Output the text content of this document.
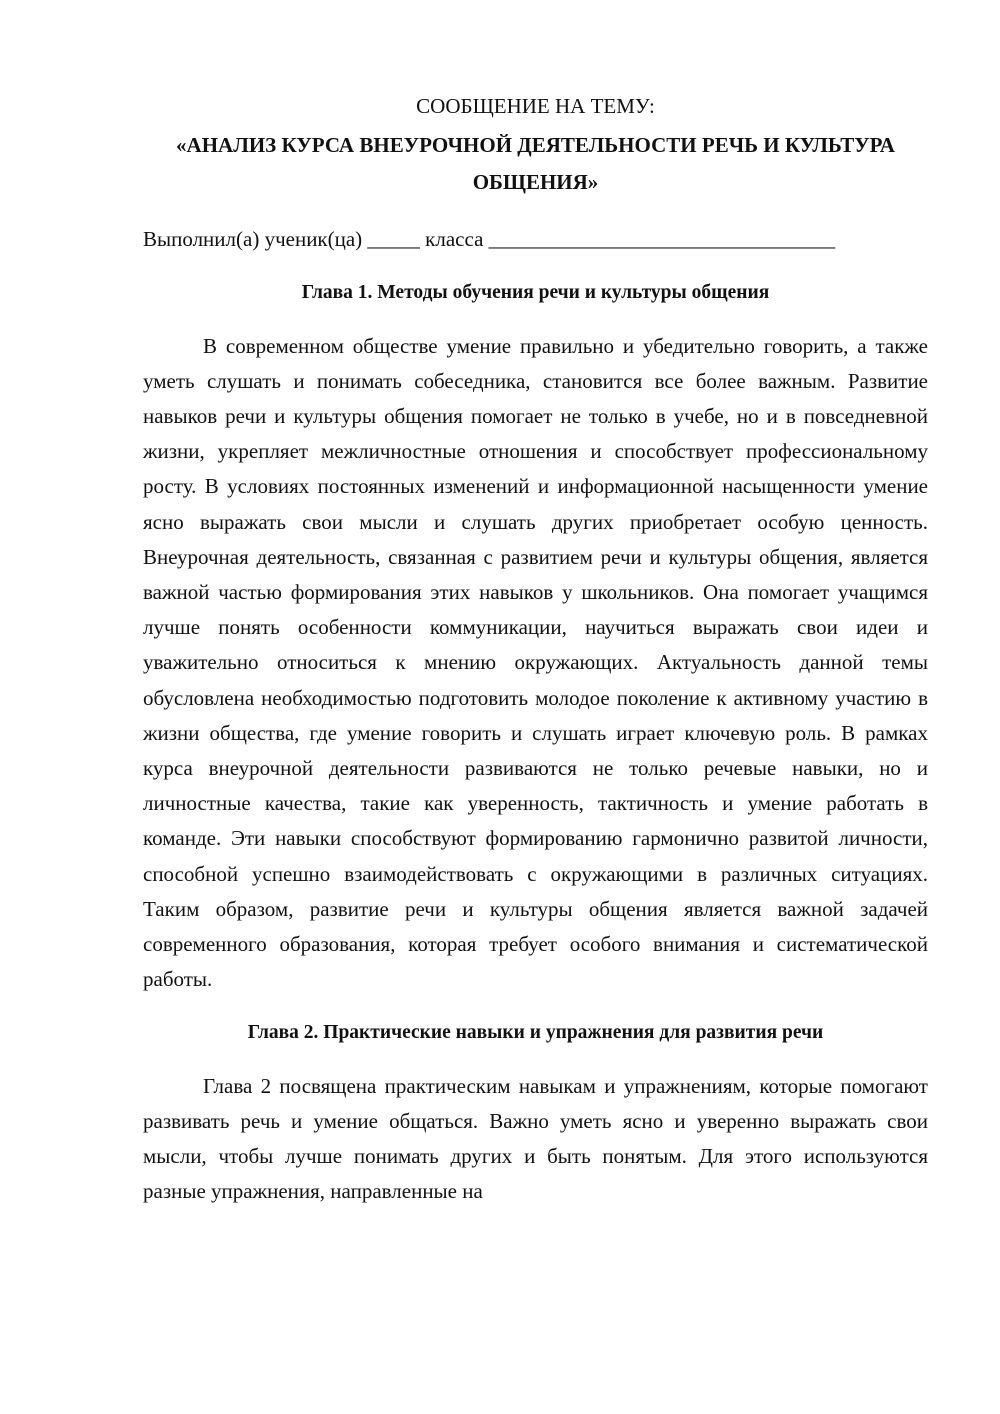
СООБЩЕНИЕ НА ТЕМУ:
«АНАЛИЗ КУРСА ВНЕУРОЧНОЙ ДЕЯТЕЛЬНОСТИ РЕЧЬ И КУЛЬТУРА ОБЩЕНИЯ»
Выполнил(а) ученик(ца) _____ класса _________________________________
Глава 1. Методы обучения речи и культуры общения

В современном обществе умение правильно и убедительно говорить, а также уметь слушать и понимать собеседника, становится все более важным. Развитие навыков речи и культуры общения помогает не только в учебе, но и в повседневной жизни, укрепляет межличностные отношения и способствует профессиональному росту. В условиях постоянных изменений и информационной насыщенности умение ясно выражать свои мысли и слушать других приобретает особую ценность. Внеурочная деятельность, связанная с развитием речи и культуры общения, является важной частью формирования этих навыков у школьников. Она помогает учащимся лучше понять особенности коммуникации, научиться выражать свои идеи и уважительно относиться к мнению окружающих. Актуальность данной темы обусловлена необходимостью подготовить молодое поколение к активному участию в жизни общества, где умение говорить и слушать играет ключевую роль. В рамках курса внеурочной деятельности развиваются не только речевые навыки, но и личностные качества, такие как уверенность, тактичность и умение работать в команде. Эти навыки способствуют формированию гармонично развитой личности, способной успешно взаимодействовать с окружающими в различных ситуациях. Таким образом, развитие речи и культуры общения является важной задачей современного образования, которая требует особого внимания и систематической работы.

Глава 2. Практические навыки и упражнения для развития речи

Глава 2 посвящена практическим навыкам и упражнениям, которые помогают развивать речь и умение общаться. Важно уметь ясно и уверенно выражать свои мысли, чтобы лучше понимать других и быть понятым. Для этого используются разные упражнения, направленные на
